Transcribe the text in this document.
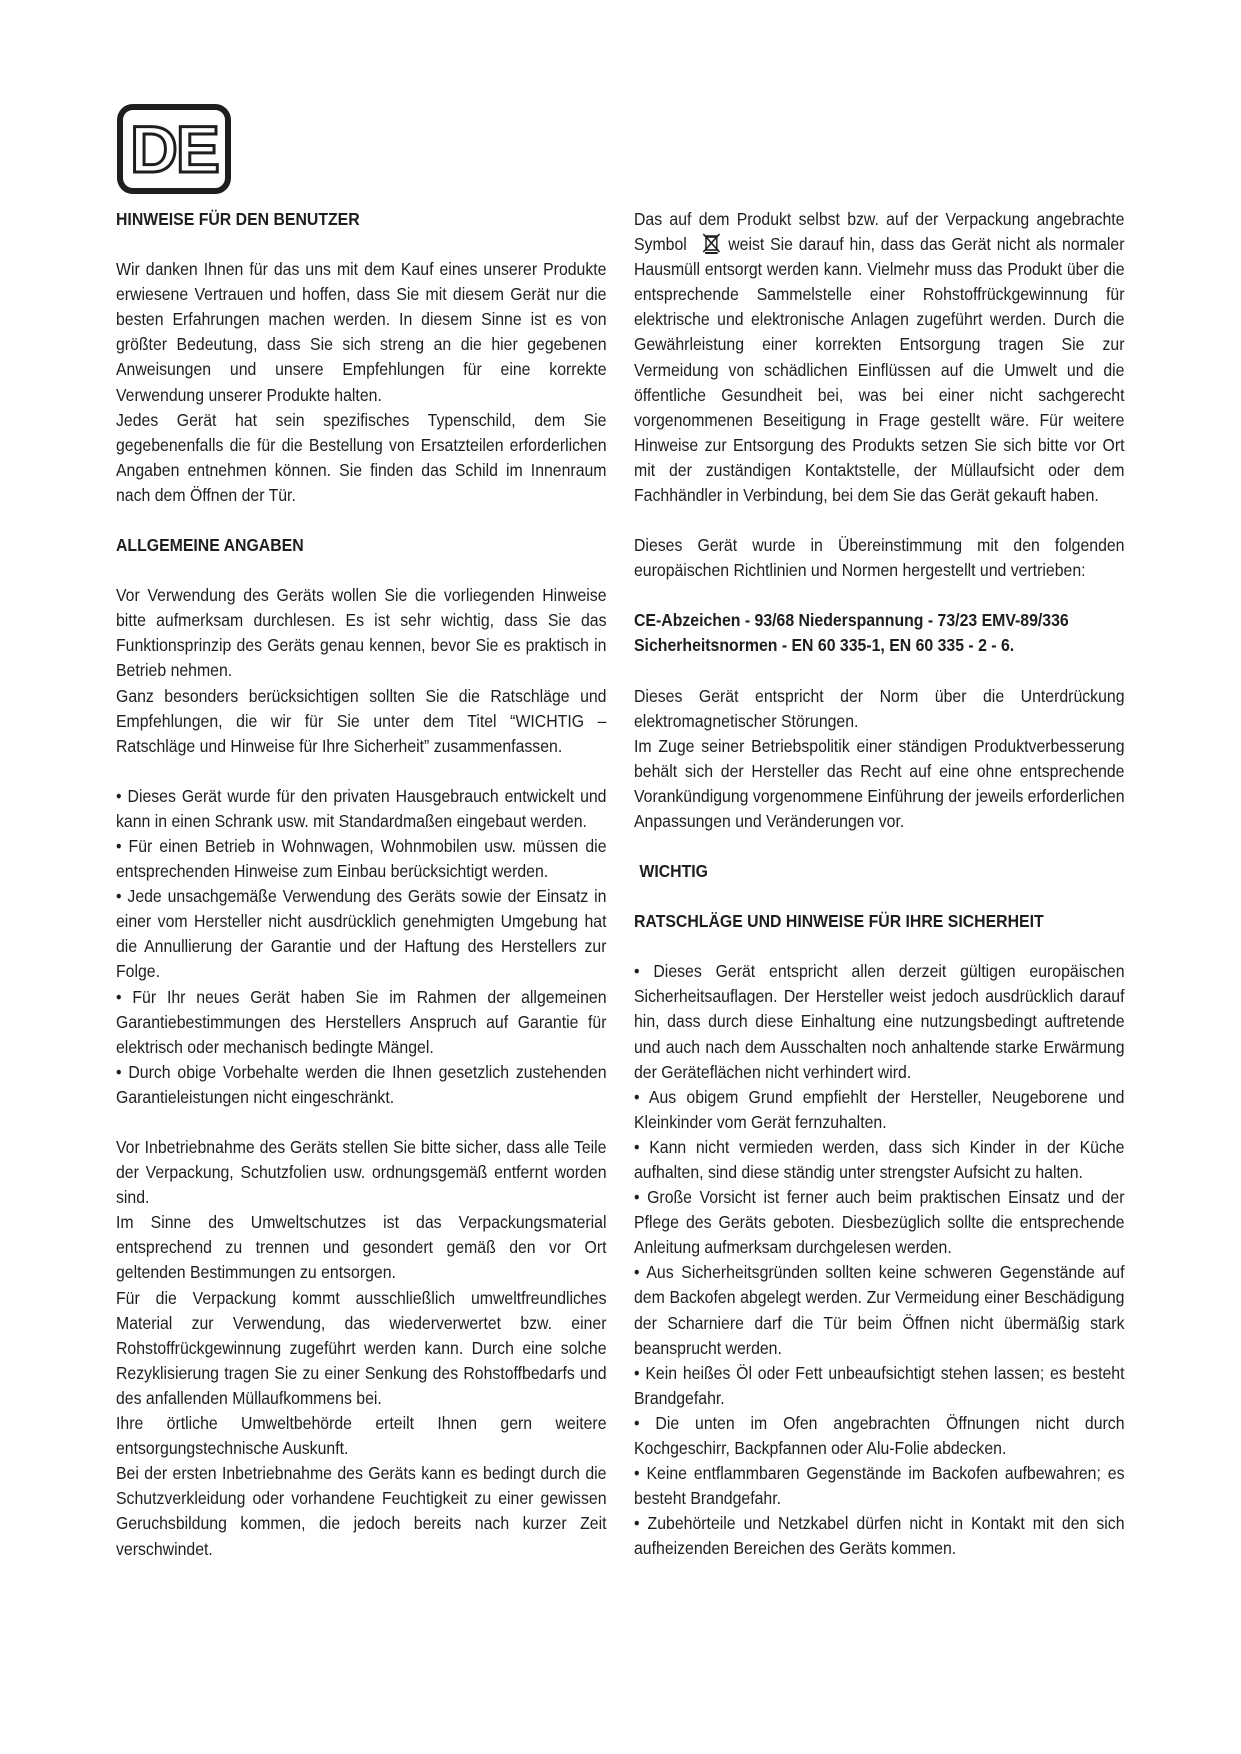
DE
HINWEISE FÜR DEN BENUTZER

Wir danken Ihnen für das uns mit dem Kauf eines unserer Produkte erwiesene Vertrauen und hoffen, dass Sie mit diesem Gerät nur die besten Erfahrungen machen werden. In diesem Sinne ist es von größter Bedeutung, dass Sie sich streng an die hier gegebenen Anweisungen und unsere Empfehlungen für eine korrekte Verwendung unserer Produkte halten.

Jedes Gerät hat sein spezifisches Typenschild, dem Sie gegebenenfalls die für die Bestellung von Ersatzteilen erforderlichen Angaben entnehmen können. Sie finden das Schild im Innenraum nach dem Öffnen der Tür.

ALLGEMEINE ANGABEN

Vor Verwendung des Geräts wollen Sie die vorliegenden Hinweise bitte aufmerksam durchlesen. Es ist sehr wichtig, dass Sie das Funktionsprinzip des Geräts genau kennen, bevor Sie es praktisch in Betrieb nehmen.

Ganz besonders berücksichtigen sollten Sie die Ratschläge und Empfehlungen, die wir für Sie unter dem Titel “WICHTIG – Ratschläge und Hinweise für Ihre Sicherheit” zusammenfassen.

• Dieses Gerät wurde für den privaten Hausgebrauch entwickelt und kann in einen Schrank usw. mit Standardmaßen eingebaut werden.

• Für einen Betrieb in Wohnwagen, Wohnmobilen usw. müssen die entsprechenden Hinweise zum Einbau berücksichtigt werden.

• Jede unsachgemäße Verwendung des Geräts sowie der Einsatz in einer vom Hersteller nicht ausdrücklich genehmigten Umgebung hat die Annullierung der Garantie und der Haftung des Herstellers zur Folge.

• Für Ihr neues Gerät haben Sie im Rahmen der allgemeinen Garantiebestimmungen des Herstellers Anspruch auf Garantie für elektrisch oder mechanisch bedingte Mängel.

• Durch obige Vorbehalte werden die Ihnen gesetzlich zustehenden Garantieleistungen nicht eingeschränkt.

Vor Inbetriebnahme des Geräts stellen Sie bitte sicher, dass alle Teile der Verpackung, Schutzfolien usw. ordnungsgemäß entfernt worden sind.

Im Sinne des Umweltschutzes ist das Verpackungsmaterial entsprechend zu trennen und gesondert gemäß den vor Ort geltenden Bestimmungen zu entsorgen.

Für die Verpackung kommt ausschließlich umweltfreundliches Material zur Verwendung, das wiederverwertet bzw. einer Rohstoffrückgewinnung zugeführt werden kann. Durch eine solche Rezyklisierung tragen Sie zu einer Senkung des Rohstoffbedarfs und des anfallenden Müllaufkommens bei.

Ihre örtliche Umweltbehörde erteilt Ihnen gern weitere entsorgungstechnische Auskunft.

Bei der ersten Inbetriebnahme des Geräts kann es bedingt durch die Schutzverkleidung oder vorhandene Feuchtigkeit zu einer gewissen Geruchsbildung kommen, die jedoch bereits nach kurzer Zeit verschwindet.

Das auf dem Produkt selbst bzw. auf der Verpackung angebrachte Symbol weist Sie darauf hin, dass das Gerät nicht als normaler Hausmüll entsorgt werden kann. Vielmehr muss das Produkt über die entsprechende Sammelstelle einer Rohstoffrückgewinnung für elektrische und elektronische Anlagen zugeführt werden. Durch die Gewährleistung einer korrekten Entsorgung tragen Sie zur Vermeidung von schädlichen Einflüssen auf die Umwelt und die öffentliche Gesundheit bei, was bei einer nicht sachgerecht vorgenommenen Beseitigung in Frage gestellt wäre. Für weitere Hinweise zur Entsorgung des Produkts setzen Sie sich bitte vor Ort mit der zuständigen Kontaktstelle, der Müllaufsicht oder dem Fachhändler in Verbindung, bei dem Sie das Gerät gekauft haben.

Dieses Gerät wurde in Übereinstimmung mit den folgenden europäischen Richtlinien und Normen hergestellt und vertrieben:

CE-Abzeichen - 93/68 Niederspannung - 73/23 EMV-89/336

Sicherheitsnormen - EN 60 335-1, EN 60 335 - 2 - 6.

Dieses Gerät entspricht der Norm über die Unterdrückung elektromagnetischer Störungen.

Im Zuge seiner Betriebspolitik einer ständigen Produktverbesserung behält sich der Hersteller das Recht auf eine ohne entsprechende Vorankündigung vorgenommene Einführung der jeweils erforderlichen Anpassungen und Veränderungen vor.

WICHTIG
RATSCHLÄGE UND HINWEISE FÜR IHRE SICHERHEIT

• Dieses Gerät entspricht allen derzeit gültigen europäischen Sicherheitsauflagen. Der Hersteller weist jedoch ausdrücklich darauf hin, dass durch diese Einhaltung eine nutzungsbedingt auftretende und auch nach dem Ausschalten noch anhaltende starke Erwärmung der Geräteflächen nicht verhindert wird.

• Aus obigem Grund empfiehlt der Hersteller, Neugeborene und Kleinkinder vom Gerät fernzuhalten.

• Kann nicht vermieden werden, dass sich Kinder in der Küche aufhalten, sind diese ständig unter strengster Aufsicht zu halten.

• Große Vorsicht ist ferner auch beim praktischen Einsatz und der Pflege des Geräts geboten. Diesbezüglich sollte die entsprechende Anleitung aufmerksam durchgelesen werden.

• Aus Sicherheitsgründen sollten keine schweren Gegenstände auf dem Backofen abgelegt werden. Zur Vermeidung einer Beschädigung der Scharniere darf die Tür beim Öffnen nicht übermäßig stark beansprucht werden.

• Kein heißes Öl oder Fett unbeaufsichtigt stehen lassen; es besteht Brandgefahr.

• Die unten im Ofen angebrachten Öffnungen nicht durch Kochgeschirr, Backpfannen oder Alu-Folie abdecken.

• Keine entflammbaren Gegenstände im Backofen aufbewahren; es besteht Brandgefahr.

• Zubehörteile und Netzkabel dürfen nicht in Kontakt mit den sich aufheizenden Bereichen des Geräts kommen.
